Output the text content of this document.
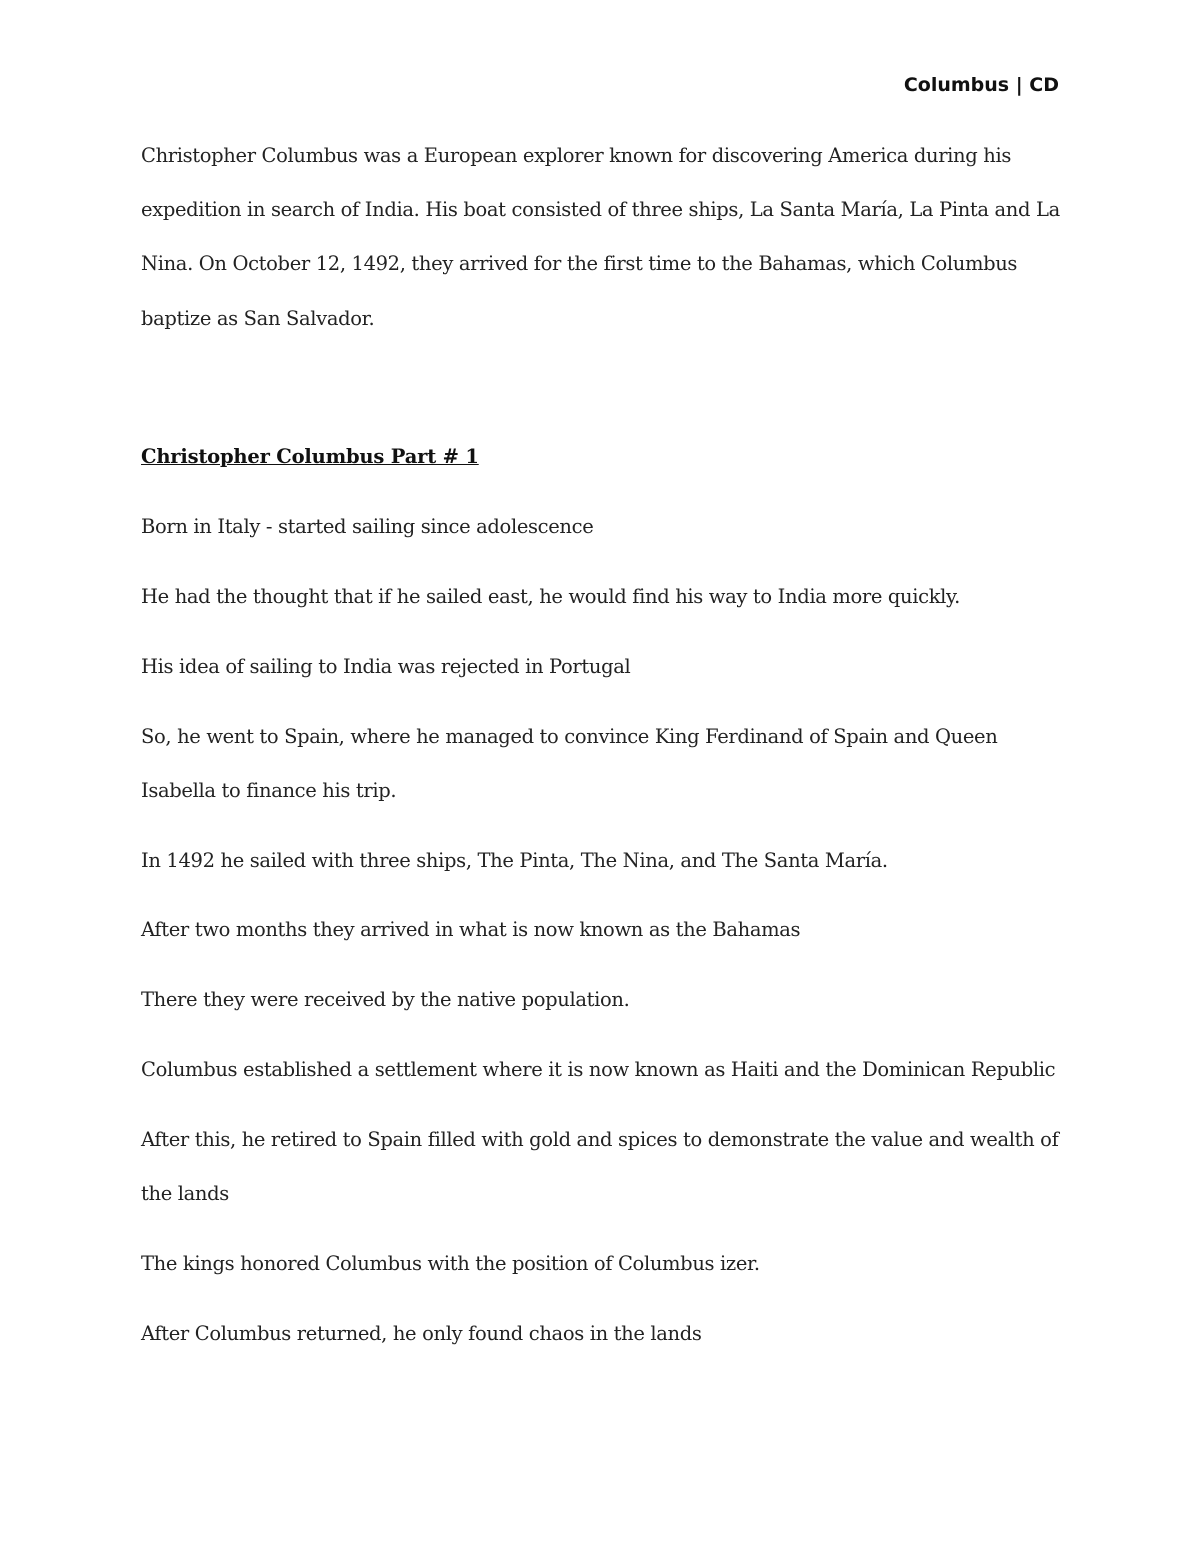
Columbus | CD

Christopher Columbus was a European explorer known for discovering America during his

expedition in search of India. His boat consisted of three ships, La Santa María, La Pinta and La

Nina. On October 12, 1492, they arrived for the first time to the Bahamas, which Columbus

baptize as San Salvador.

Christopher Columbus Part # 1

Born in Italy - started sailing since adolescence

He had the thought that if he sailed east, he would find his way to India more quickly.

His idea of sailing to India was rejected in Portugal

So, he went to Spain, where he managed to convince King Ferdinand of Spain and Queen

Isabella to finance his trip.

In 1492 he sailed with three ships, The Pinta, The Nina, and The Santa María.

After two months they arrived in what is now known as the Bahamas

There they were received by the native population.

Columbus established a settlement where it is now known as Haiti and the Dominican Republic

After this, he retired to Spain filled with gold and spices to demonstrate the value and wealth of

the lands

The kings honored Columbus with the position of Columbus izer.

After Columbus returned, he only found chaos in the lands
